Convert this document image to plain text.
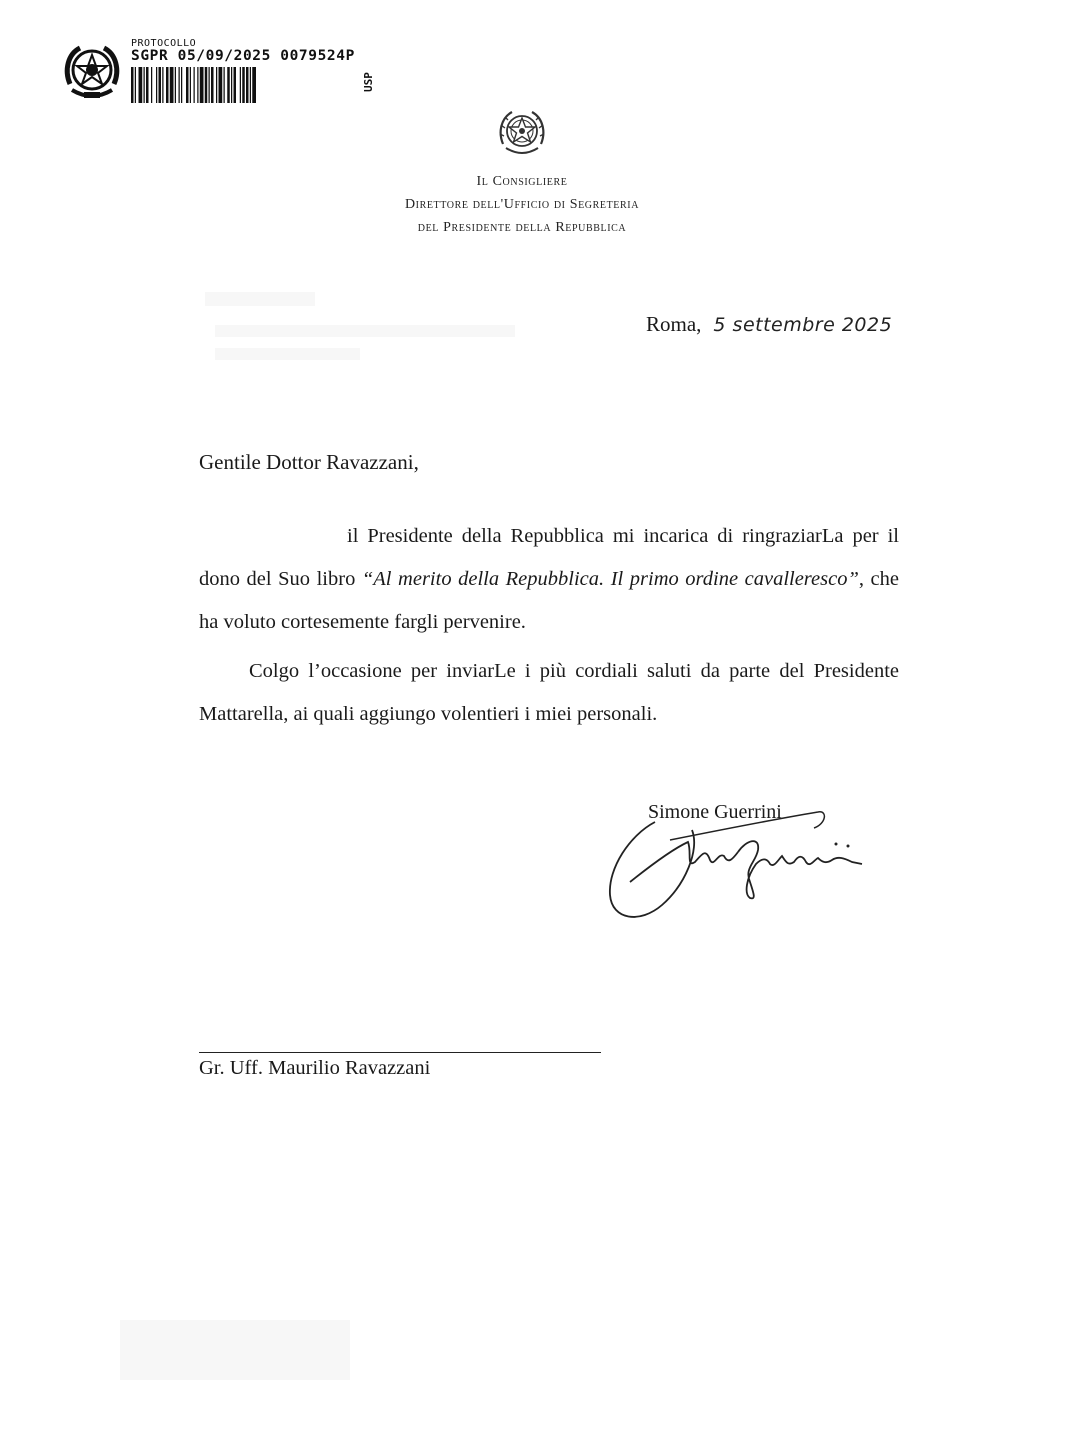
PROTOCOLLO
SGPR 05/09/2025 0079524P
USP
Il Consigliere
Direttore dell'Ufficio di Segreteria
del Presidente della Repubblica
Roma, 5 settembre 2025
Gentile Dottor Ravazzani,
il Presidente della Repubblica mi incarica di ringraziarLa per il dono del Suo libro “Al merito della Repubblica. Il primo ordine cavalleresco”, che ha voluto cortesemente fargli pervenire.
Colgo l’occasione per inviarLe i più cordiali saluti da parte del Presidente Mattarella, ai quali aggiungo volentieri i miei personali.
Simone Guerrini
Gr. Uff. Maurilio Ravazzani
